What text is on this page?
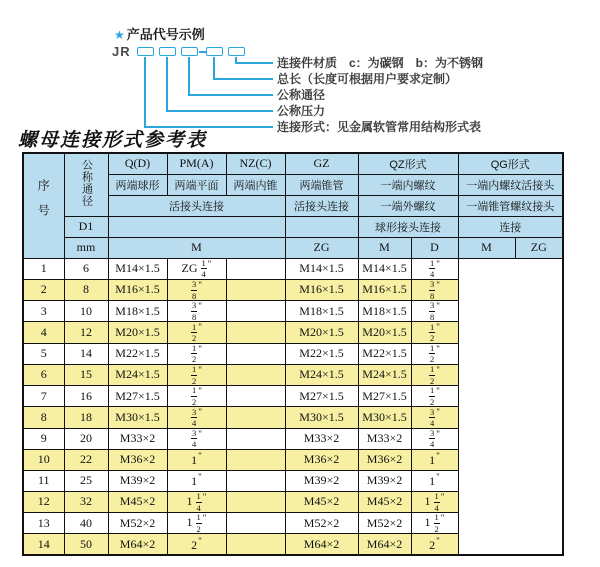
★ 产品代号示例
JR
连接件材质　c：为碳钢　b：为不锈钢
总长（长度可根据用户要求定制）
公称通径
公称压力
连接形式：见金属软管常用结构形式表
螺母连接形式参考表
序号	公称通径	Q(D)	PM(A)	NZ(C)	GZ	QZ形式		QG形式	
		两端球形	两端平面	两端内锥	两端锥管	一端内螺纹		一端内螺纹活接头	
		活接头连接			活接头连接	一端外螺纹		一端锥管螺纹接头	
	D1					球形接头连接		连接	
	mm	M			ZG	M	D	M	ZG
1	6	M14×1.5	ZG $\frac{1}{4} ^"$		M14×1.5	M14×1.5	$\frac{1}{4} ^"$
2	8	M16×1.5	$\frac{3}{8} ^"$		M16×1.5	M16×1.5	$\frac{3}{8} ^"$
3	10	M18×1.5	$\frac{3}{8} ^"$		M18×1.5	M18×1.5	$\frac{3}{8} ^"$
4	12	M20×1.5	$\frac{1}{2} ^"$		M20×1.5	M20×1.5	$\frac{1}{2} ^"$
5	14	M22×1.5	$\frac{1}{2} ^"$		M22×1.5	M22×1.5	$\frac{1}{2} ^"$
6	15	M24×1.5	$\frac{1}{2} ^"$		M24×1.5	M24×1.5	$\frac{1}{2} ^"$
7	16	M27×1.5	$\frac{1}{2} ^"$		M27×1.5	M27×1.5	$\frac{1}{2} ^"$
8	18	M30×1.5	$\frac{3}{4} ^"$		M30×1.5	M30×1.5	$\frac{3}{4} ^"$
9	20	M33×2	$\frac{3}{4} ^"$		M33×2	M33×2	$\frac{3}{4} ^"$
10	22	M36×2	1"		M36×2	M36×2	1"
11	25	M39×2	1"		M39×2	M39×2	1"
12	32	M45×2	$1 \frac{1}{4} ^"$		M45×2	M45×2	$1 \frac{1}{4} ^"$
13	40	M52×2	$1 \frac{1}{2} ^"$		M52×2	M52×2	$1 \frac{1}{2} ^"$
14	50	M64×2	2"		M64×2	M64×2	2"
